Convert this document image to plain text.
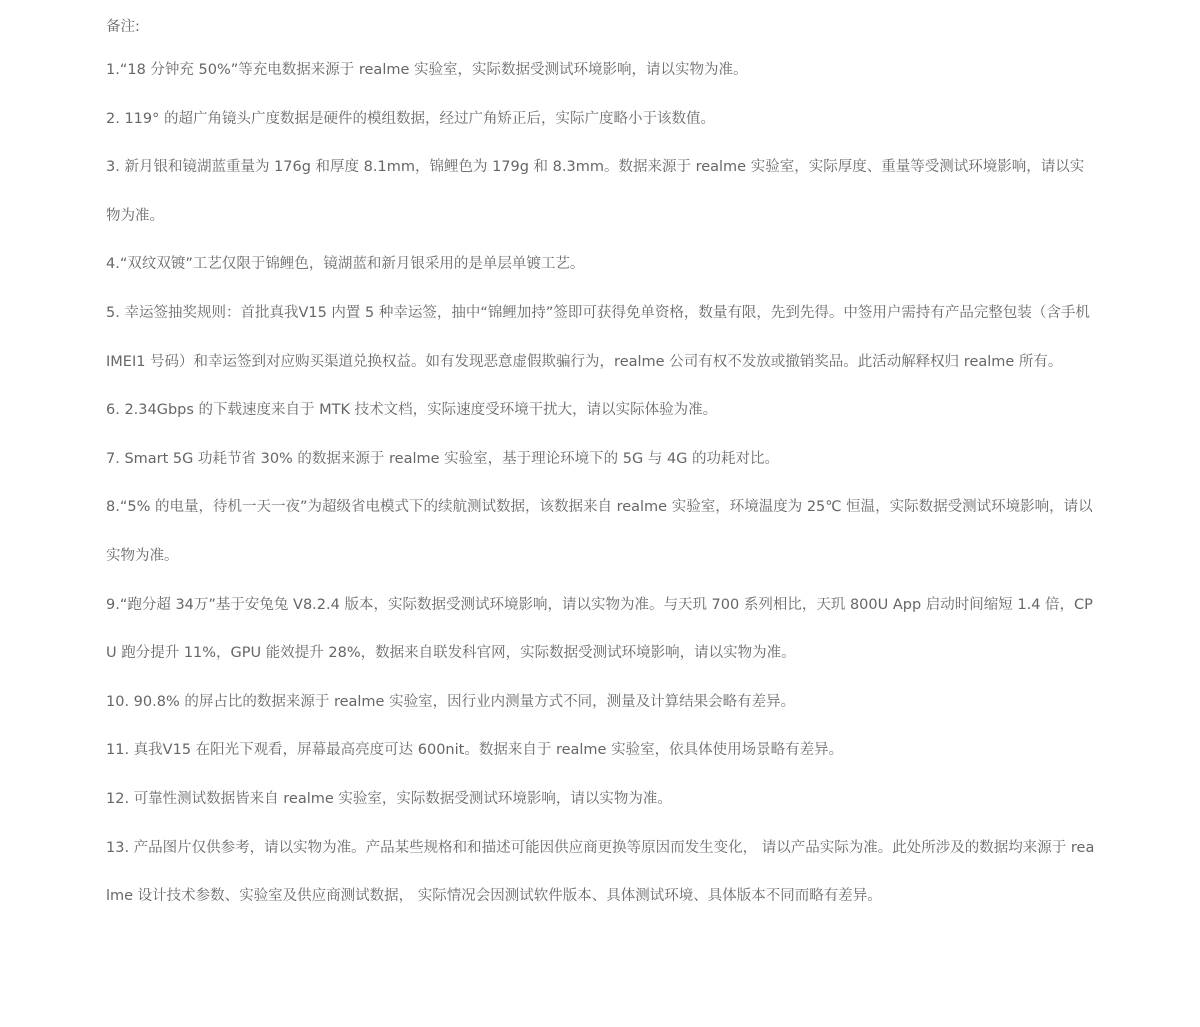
备注:
1.“18 分钟充 50%”等充电数据来源于 realme 实验室，实际数据受测试环境影响，请以实物为准。
2. 119° 的超广角镜头广度数据是硬件的模组数据，经过广角矫正后，实际广度略小于该数值。
3. 新月银和镜湖蓝重量为 176g 和厚度 8.1mm，锦鲤色为 179g 和 8.3mm。数据来源于 realme 实验室，实际厚度、重量等受测试环境影响，请以实物为准。
4.“双纹双镀”工艺仅限于锦鲤色，镜湖蓝和新月银采用的是单层单镀工艺。
5. 幸运签抽奖规则：首批真我V15 内置 5 种幸运签，抽中“锦鲤加持”签即可获得免单资格，数量有限，先到先得。中签用户需持有产品完整包装（含手机 IMEI1 号码）和幸运签到对应购买渠道兑换权益。如有发现恶意虚假欺骗行为，realme 公司有权不发放或撤销奖品。此活动解释权归 realme 所有。
6. 2.34Gbps 的下载速度来自于 MTK 技术文档，实际速度受环境干扰大，请以实际体验为准。
7. Smart 5G 功耗节省 30% 的数据来源于 realme 实验室，基于理论环境下的 5G 与 4G 的功耗对比。
8.“5% 的电量，待机一天一夜”为超级省电模式下的续航测试数据，该数据来自 realme 实验室，环境温度为 25℃ 恒温，实际数据受测试环境影响，请以实物为准。
9.“跑分超 34万”基于安兔兔 V8.2.4 版本，实际数据受测试环境影响，请以实物为准。与天玑 700 系列相比，天玑 800U App 启动时间缩短 1.4 倍，CPU 跑分提升 11%，GPU 能效提升 28%，数据来自联发科官网，实际数据受测试环境影响，请以实物为准。
10. 90.8% 的屏占比的数据来源于 realme 实验室，因行业内测量方式不同，测量及计算结果会略有差异。
11. 真我V15 在阳光下观看，屏幕最高亮度可达 600nit。数据来自于 realme 实验室，依具体使用场景略有差异。
12. 可靠性测试数据皆来自 realme 实验室，实际数据受测试环境影响，请以实物为准。
13. 产品图片仅供参考，请以实物为准。产品某些规格和和描述可能因供应商更换等原因而发生变化， 请以产品实际为准。此处所涉及的数据均来源于 realme 设计技术参数、实验室及供应商测试数据， 实际情况会因测试软件版本、具体测试环境、具体版本不同而略有差异。
